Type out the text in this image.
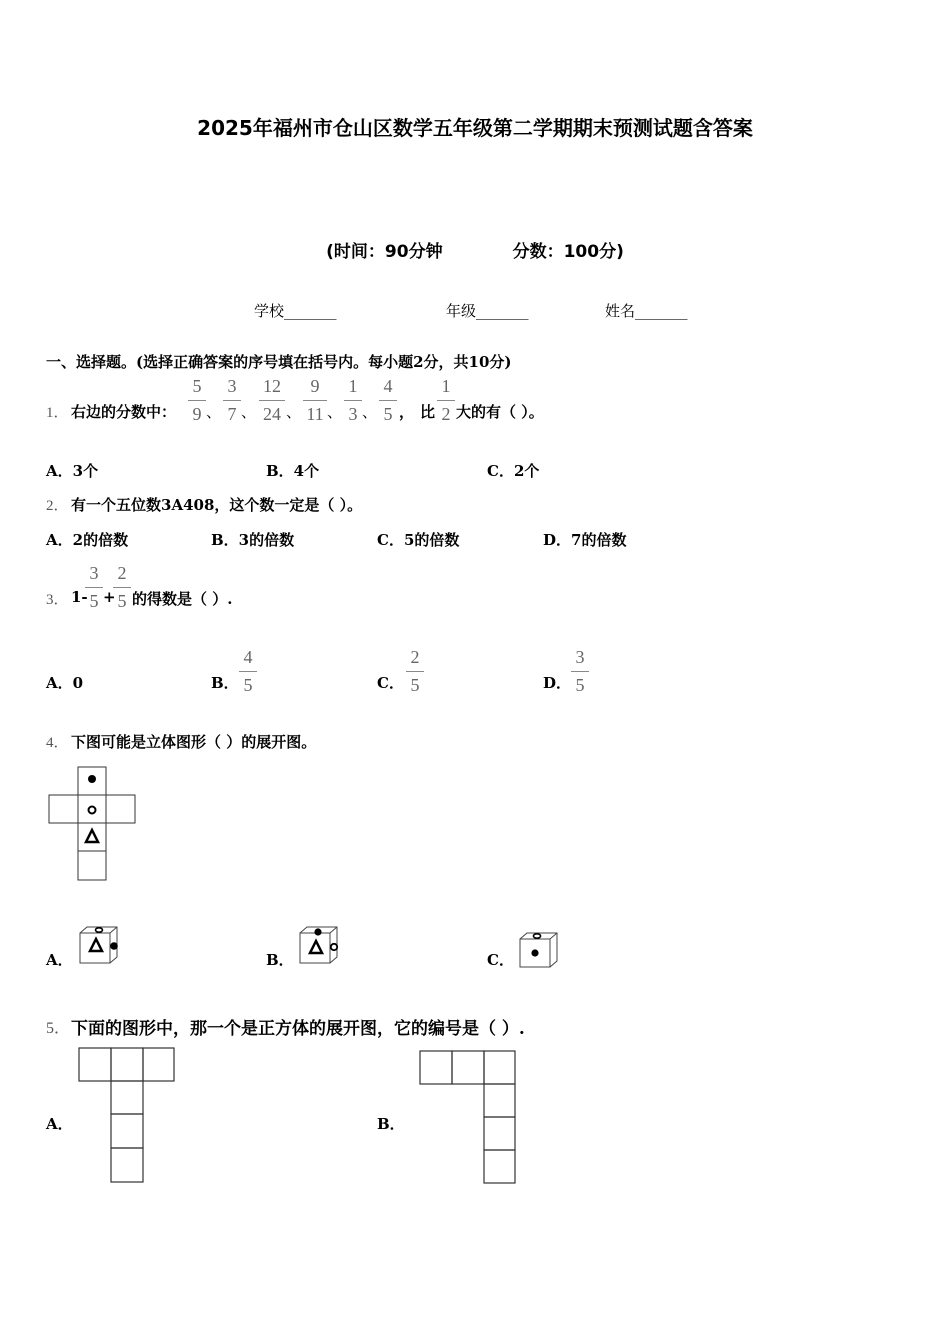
2025年福州市仓山区数学五年级第二学期期末预测试题含答案
(时间：90分钟	分数：100分)
学校_______	年级_______	姓名_______
一、选择题。(选择正确答案的序号填在括号内。每小题2分，共10分)
1． 右边的分数中：
5
9 、
3
7 、
12
24 、
9
11 、
1
3 、
4
5 ， 比
1
2 大的有（ ）。
A．3个	B．4个	C．2个
2． 有一个五位数3A408，这个数一定是（ ）。
A．2的倍数	B．3的倍数	C．5的倍数	D．7的倍数
3． 1-
3
5 +
2
5 的得数是（ ）.
A．0	B．
4
5	C．
2
5	D．
3
5
4． 下图可能是立体图形（ ）的展开图。
A．	B．	C．
5． 下面的图形中，那一个是正方体的展开图，它的编号是（ ）.
A．	B．
